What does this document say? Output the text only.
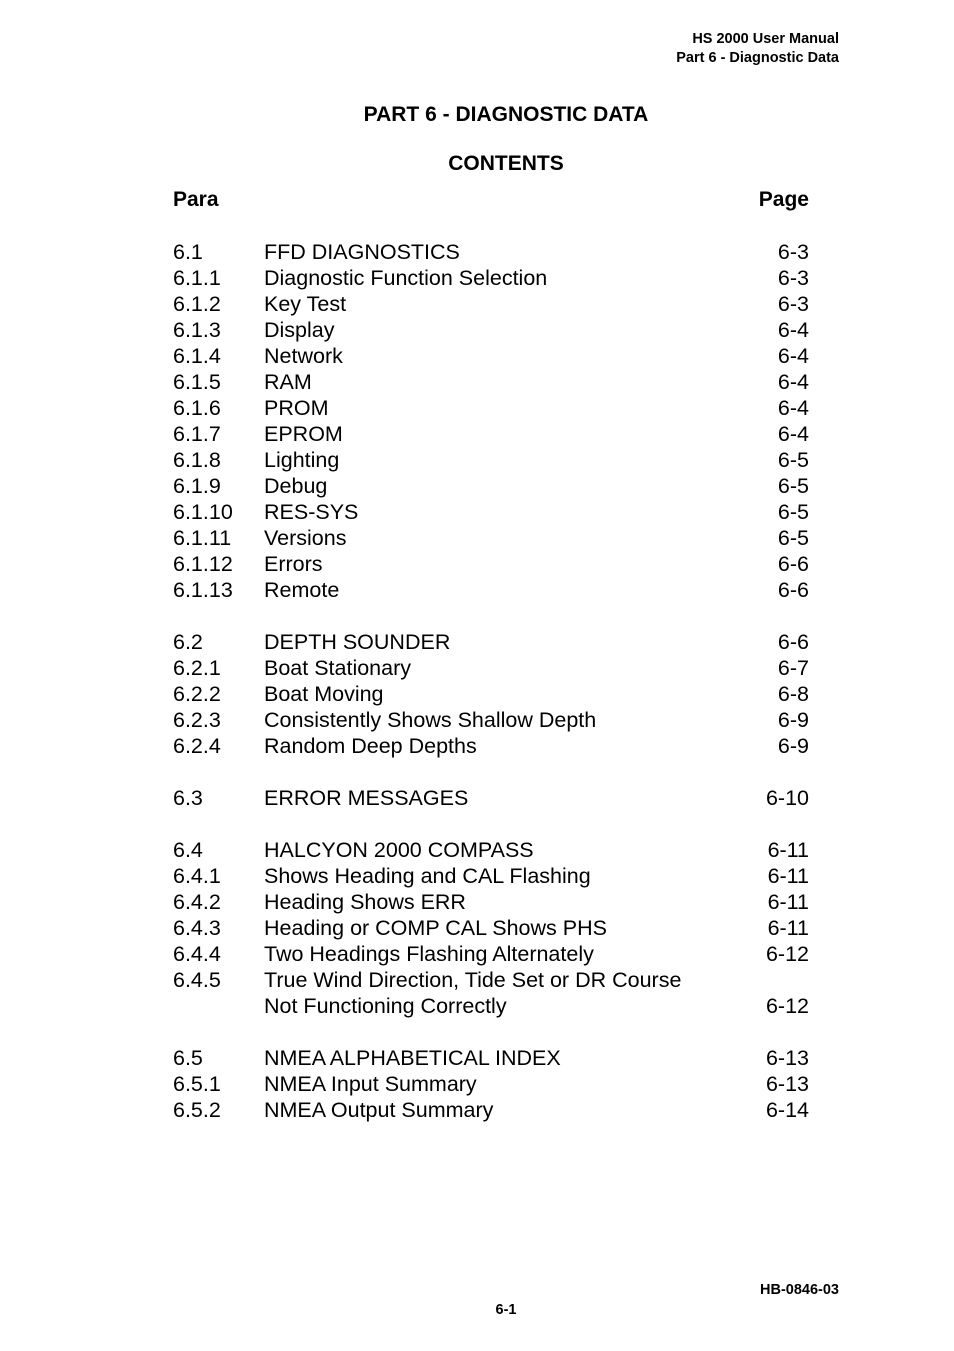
HS 2000 User Manual
Part 6 - Diagnostic Data
PART 6 - DIAGNOSTIC DATA
CONTENTS
Para	Page
6.1	FFD DIAGNOSTICS	6-3
6.1.1 Diagnostic Function Selection	6-3
6.1.2 Key Test	6-3
6.1.3 Display	6-4
6.1.4 Network	6-4
6.1.5 RAM	6-4
6.1.6 PROM	6-4
6.1.7 EPROM	6-4
6.1.8 Lighting	6-5
6.1.9 Debug	6-5
6.1.10 RES-SYS	6-5
6.1.11 Versions	6-5
6.1.12 Errors	6-6
6.1.13 Remote	6-6
6.2	DEPTH SOUNDER	6-6
6.2.1 Boat Stationary	6-7
6.2.2 Boat Moving	6-8
6.2.3 Consistently Shows Shallow Depth	6-9
6.2.4 Random Deep Depths	6-9
6.3	ERROR MESSAGES	6-10
6.4	HALCYON 2000 COMPASS	6-11
6.4.1 Shows Heading and CAL Flashing	6-11
6.4.2 Heading Shows ERR	6-11
6.4.3 Heading or COMP CAL Shows PHS	6-11
6.4.4 Two Headings Flashing Alternately	6-12
6.4.5 True Wind Direction, Tide Set or DR Course
Not Functioning Correctly	6-12
6.5	NMEA ALPHABETICAL INDEX	6-13
6.5.1 NMEA Input Summary	6-13
6.5.2 NMEA Output Summary	6-14
HB-0846-03
6-1
